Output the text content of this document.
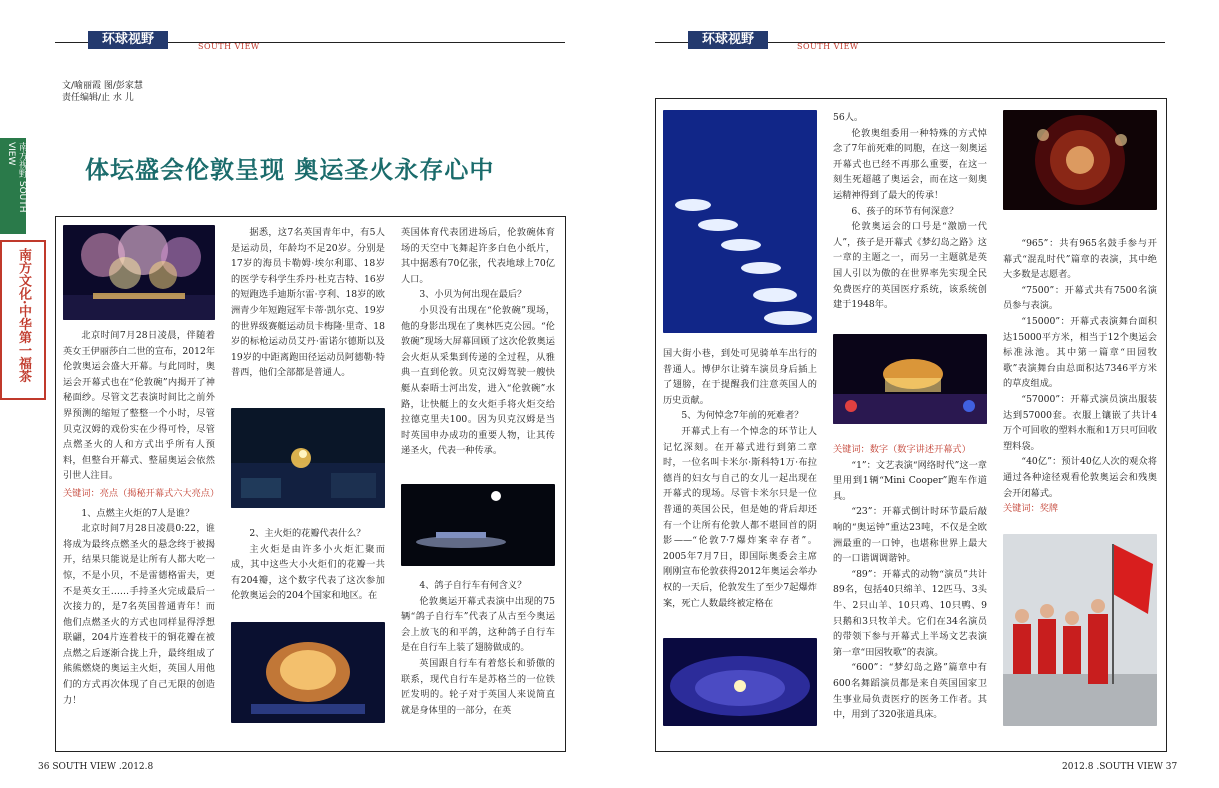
环球视野	SOUTH VIEW
文/喻丽霞 图/彭家慧
责任编辑/止 水 儿
南方视野 SOUTH VIEW
南方文化·中华第一福茶
体坛盛会伦敦呈现 奥运圣火永存心中

北京时间7月28日凌晨，伴随着英女王伊丽莎白二世的宣布，2012年伦敦奥运会盛大开幕。与此同时，奥运会开幕式也在“伦敦碗”内揭开了神秘面纱。尽管文艺表演时间比之前外界预测的缩短了整整一个小时，尽管贝克汉姆的戏份实在少得可怜，尽管点燃圣火的人和方式出乎所有人预料，但整台开幕式、整届奥运会依然引世人注目。

关键词：亮点（揭秘开幕式六大亮点）

1、点燃主火炬的7人是谁？

北京时间7月28日凌晨0:22，谁将成为最终点燃圣火的悬念终于被揭开，结果只能说是让所有人都大吃一惊，不是小贝，不是雷德格雷夫，更不是英女王……手持圣火完成最后一次接力的，是7名英国普通青年！而他们点燃圣火的方式也同样显得浮想联翩，204片连着枝干的铜花瓣在被点燃之后逐渐合拢上升，最终组成了熊熊燃烧的奥运主火炬，英国人用他们的方式再次体现了自己无限的创造力！

据悉，这7名英国青年中，有5人是运动员，年龄均不足20岁。分别是17岁的海员卡勒姆·埃尔利耶、18岁的医学专科学生乔丹·杜克吉特、16岁的短跑选手迪斯尔雷·亨利、18岁的欧洲青少年短跑冠军卡蒂·凯尔克、19岁的世界级赛艇运动员卡梅隆·里奇、18岁的标枪运动员艾丹·雷诺尔德斯以及19岁的中距离跑田径运动员阿德勒·特普西，他们全部都是普通人。

2、主火炬的花瓣代表什么？

主火炬是由许多小火炬汇聚而成，其中这些大小火炬们的花瓣一共有204瓣，这个数字代表了这次参加伦敦奥运会的204个国家和地区。在

英国体育代表团进场后，伦敦碗体育场的天空中飞舞起许多白色小纸片，其中据悉有70亿张，代表地球上70亿人口。

3、小贝为何出现在最后？

小贝没有出现在“伦敦碗”现场，他的身影出现在了奥林匹克公园。“伦敦碗”现场大屏幕回顾了这次伦敦奥运会火炬从采集到传递的全过程，从雅典一直到伦敦。贝克汉姆驾驶一艘快艇从泰晤士河出发，进入“伦敦碗”水路，让快艇上的女火炬手将火炬交给拉德克里夫100。因为贝克汉姆是当时英国申办成功的重要人物，让其传递圣火，代表一种传承。

4、鸽子自行车有何含义？

伦敦奥运开幕式表演中出现的75辆“鸽子自行车”代表了从古至今奥运会上放飞的和平鸽，这种鸽子自行车是在自行车上装了翅膀做成的。

英国跟自行车有着悠长和骄傲的联系，现代自行车是苏格兰的一位铁匠发明的。轮子对于英国人来说简直就是身体里的一部分，在英

36 SOUTH VIEW .2012.8
环球视野	SOUTH VIEW

国大街小巷，到处可见骑单车出行的普通人。博伊尔让骑车演员身后插上了翅膀，在于提醒我们注意英国人的历史贡献。

5、为何悼念7年前的死难者？

开幕式上有一个悼念的环节让人记忆深刻。在开幕式进行到第二章时，一位名叫卡米尔·斯科特1万·布拉德肖的妇女与自己的女儿一起出现在开幕式的现场。尽管卡米尔只是一位普通的英国公民，但是她的背后却还有一个让所有伦敦人都不堪回首的阴影——“伦敦7·7爆炸案幸存者”。2005年7月7日，即国际奥委会主席刚刚宣布伦敦获得2012年奥运会举办权的一天后，伦敦发生了至少7起爆炸案，死亡人数最终被定格在

56人。

伦敦奥组委用一种特殊的方式悼念了7年前死难的同胞，在这一刻奥运开幕式也已经不再那么重要，在这一刻生死超越了奥运会，而在这一刻奥运精神得到了最大的传承！

6、孩子的环节有何深意？

伦敦奥运会的口号是“激励一代人”，孩子是开幕式《梦幻岛之路》这一章的主题之一，而另一主题就是英国人引以为傲的在世界率先实现全民免费医疗的英国医疗系统，该系统创建于1948年。

关键词：数字（数字讲述开幕式）

“1”：文艺表演“网络时代”这一章里用到1辆“Mini Cooper”跑车作道具。

“23”：开幕式倒计时环节最后敲响的“奥运钟”重达23吨，不仅是全欧洲最重的一口钟，也堪称世界上最大的一口谐调调谐钟。

“89”：开幕式的动物“演员”共计89名，包括40只绵羊、12匹马、3头牛、2只山羊、10只鸡、10只鸭、9只鹅和3只牧羊犬。它们在34名演员的带领下参与开幕式上半场文艺表演第一章“田园牧歌”的表演。

“600”：“梦幻岛之路”篇章中有600名舞蹈演员都是来自英国国家卫生事业局负责医疗的医务工作者。其中，用到了320张道具床。

“965”：共有965名鼓手参与开幕式“混乱时代”篇章的表演，其中绝大多数是志愿者。

“7500”：开幕式共有7500名演员参与表演。

“15000”：开幕式表演舞台面积达15000平方米，相当于12个奥运会标准泳池。其中第一篇章“田园牧歌”表演舞台由总面积达7346平方米的草皮组成。

“57000”：开幕式演员演出服装达到57000套。衣服上镶嵌了共计4万个可回收的塑料水瓶和1万只可回收塑料袋。

“40亿”：预计40亿人次的观众将通过各种途径观看伦敦奥运会和残奥会开闭幕式。

关键词：奖牌

2012.8 .SOUTH VIEW 37
